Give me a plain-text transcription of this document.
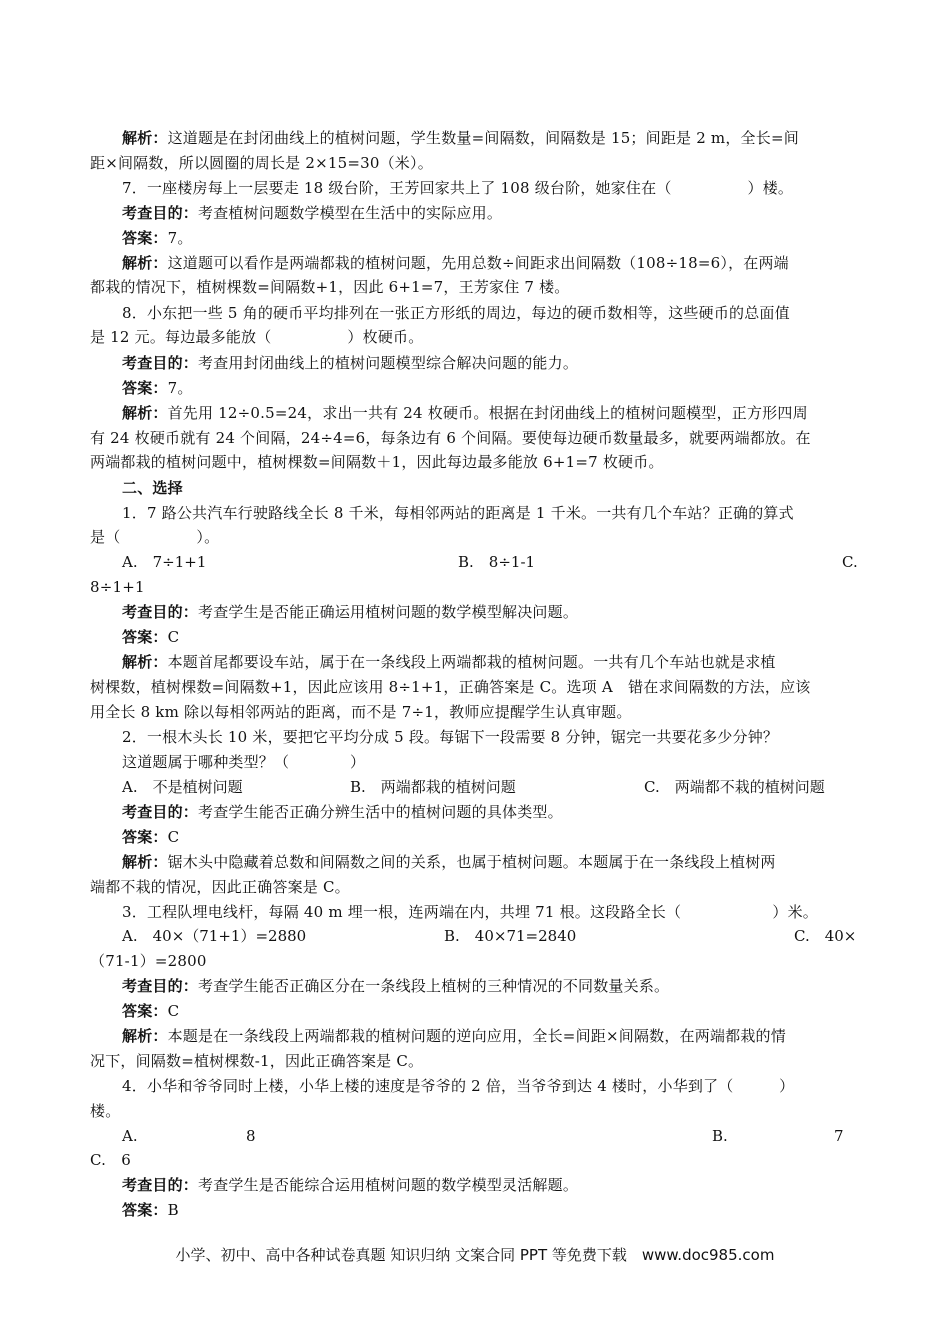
解析：这道题是在封闭曲线上的植树问题，学生数量=间隔数，间隔数是 15；间距是 2 m，全长=间
距×间隔数，所以圆圈的周长是 2×15=30（米）。
7．一座楼房每上一层要走 18 级台阶，王芳回家共上了 108 级台阶，她家住在（　　　　　）楼。
考查目的：考查植树问题数学模型在生活中的实际应用。
答案：7。
解析：这道题可以看作是两端都栽的植树问题，先用总数÷间距求出间隔数（108÷18=6），在两端
都栽的情况下，植树棵数=间隔数+1，因此 6+1=7，王芳家住 7 楼。
8．小东把一些 5 角的硬币平均排列在一张正方形纸的周边，每边的硬币数相等，这些硬币的总面值
是 12 元。每边最多能放（　　　　　）枚硬币。
考查目的：考查用封闭曲线上的植树问题模型综合解决问题的能力。
答案：7。
解析：首先用 12÷0.5=24，求出一共有 24 枚硬币。根据在封闭曲线上的植树问题模型，正方形四周
有 24 枚硬币就有 24 个间隔，24÷4=6，每条边有 6 个间隔。要使每边硬币数量最多，就要两端都放。在
两端都栽的植树问题中，植树棵数=间隔数＋1，因此每边最多能放 6+1=7 枚硬币。
二、选择
1．7 路公共汽车行驶路线全长 8 千米，每相邻两站的距离是 1 千米。一共有几个车站？正确的算式
是（　　　　　）。
A.　7÷1+1	B.　8÷1-1	C.
8÷1+1
考查目的：考查学生是否能正确运用植树问题的数学模型解决问题。
答案：C
解析：本题首尾都要设车站，属于在一条线段上两端都栽的植树问题。一共有几个车站也就是求植
树棵数，植树棵数=间隔数+1，因此应该用 8÷1+1，正确答案是 C。选项 A　错在求间隔数的方法，应该
用全长 8 km 除以每相邻两站的距离，而不是 7÷1，教师应提醒学生认真审题。
2．一根木头长 10 米，要把它平均分成 5 段。每锯下一段需要 8 分钟，锯完一共要花多少分钟？
这道题属于哪种类型？（　　　　）
A.　不是植树问题	B.　两端都栽的植树问题	C.　两端都不栽的植树问题
考查目的：考查学生能否正确分辨生活中的植树问题的具体类型。
答案：C
解析：锯木头中隐藏着总数和间隔数之间的关系，也属于植树问题。本题属于在一条线段上植树两
端都不栽的情况，因此正确答案是 C。
3．工程队埋电线杆，每隔 40 m 埋一根，连两端在内，共埋 71 根。这段路全长（　　　　　　）米。
A.　40×（71+1）=2880	B.　40×71=2840	C.　40×
（71-1）=2800
考查目的：考查学生能否正确区分在一条线段上植树的三种情况的不同数量关系。
答案：C
解析：本题是在一条线段上两端都栽的植树问题的逆向应用，全长=间距×间隔数，在两端都栽的情
况下，间隔数=植树棵数-1，因此正确答案是 C。
4．小华和爷爷同时上楼，小华上楼的速度是爷爷的 2 倍，当爷爷到达 4 楼时，小华到了（　　　）
楼。
A.	8	B.	7
C.　6
考查目的：考查学生是否能综合运用植树问题的数学模型灵活解题。
答案：B
小学、初中、高中各种试卷真题 知识归纳 文案合同 PPT 等免费下载　www.doc985.com
